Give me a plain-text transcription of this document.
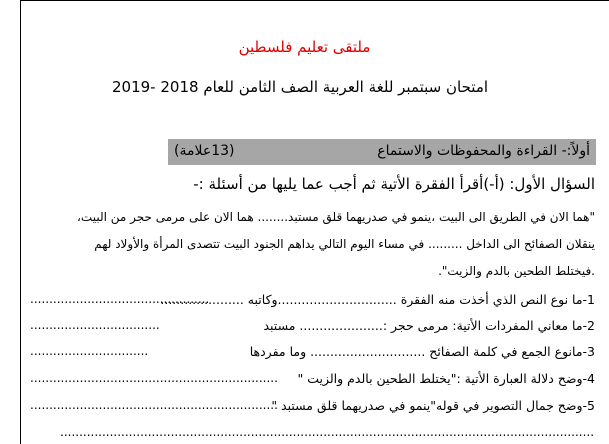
ملتقى تعليم فلسطين
امتحان سبتمبر للغة العربية الصف الثامن للعام 2018 -2019
أولاً:- القراءة والمحفوظات والاستماع
(13علامة)
السؤال الأول: (أ-)أقرأ الفقرة الأتية ثم أجب عما يليها من أسئلة :-
"هما الان في الطريق الى البيت ،ينمو في صدريهما قلق مستبد........ هما الان على مرمى حجر من البيت،
ينقلان الصفائح الى الداخل ......... في مساء اليوم التالي يداهم الجنود البيت تتصدى المرأة والأولاد لهم
.فيختلط الطحين بالدم والزيت".
1-ما نوع النص الذي أخذت منه الفقرة ..............................وكاتبه .....................
...............................................
2-ما معاني المفردات الأتية: مرمى حجر :..................... مستبد
..................................
3-مانوع الجمع في كلمة الصفائح ............................. وما مفردها
...............................
4-وضح دلالة العبارة الأتية :"يختلط الطحين بالدم والزيت "
.................................................................
5-وضح جمال التصوير في قوله"ينمو في صدريهما قلق مستبد "
.................................................................
............................................................................................................................................
